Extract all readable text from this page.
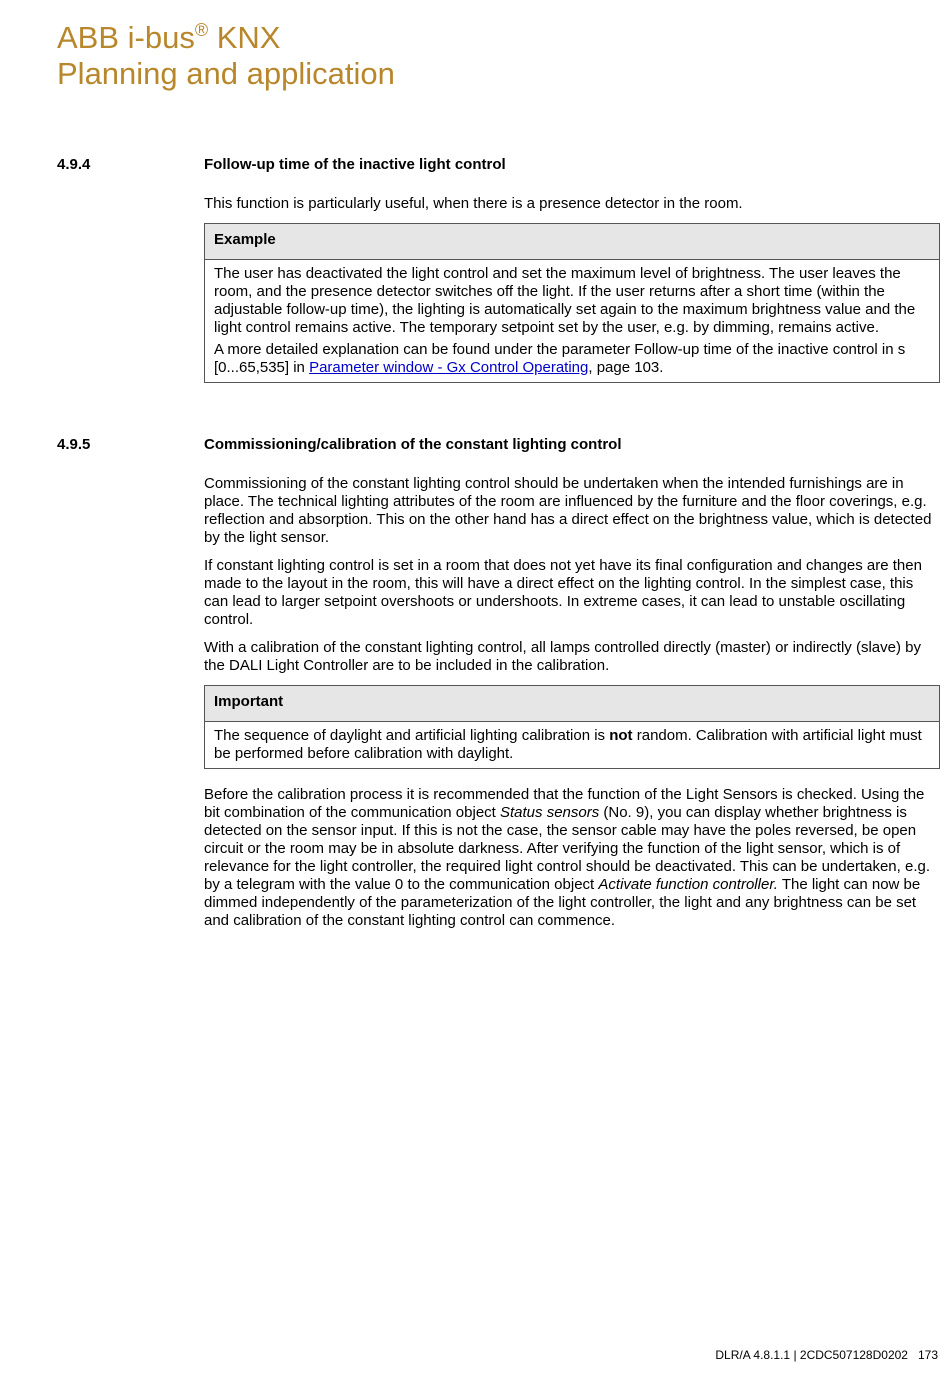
ABB i-bus® KNX
Planning and application
4.9.4	Follow-up time of the inactive light control

This function is particularly useful, when there is a presence detector in the room.

Example

The user has deactivated the light control and set the maximum level of brightness. The user leaves the room, and the presence detector switches off the light. If the user returns after a short time (within the adjustable follow-up time), the lighting is automatically set again to the maximum brightness value and the light control remains active. The temporary setpoint set by the user, e.g. by dimming, remains active.

A more detailed explanation can be found under the parameter Follow-up time of the inactive control in s [0...65,535] in Parameter window - Gx Control Operating, page 103.

4.9.5	Commissioning/calibration of the constant lighting control

Commissioning of the constant lighting control should be undertaken when the intended furnishings are in place. The technical lighting attributes of the room are influenced by the furniture and the floor coverings, e.g. reflection and absorption. This on the other hand has a direct effect on the brightness value, which is detected by the light sensor.

If constant lighting control is set in a room that does not yet have its final configuration and changes are then made to the layout in the room, this will have a direct effect on the lighting control. In the simplest case, this can lead to larger setpoint overshoots or undershoots. In extreme cases, it can lead to unstable oscillating control.

With a calibration of the constant lighting control, all lamps controlled directly (master) or indirectly (slave) by the DALI Light Controller are to be included in the calibration.

Important

The sequence of daylight and artificial lighting calibration is not random. Calibration with artificial light must be performed before calibration with daylight.

Before the calibration process it is recommended that the function of the Light Sensors is checked. Using the bit combination of the communication object Status sensors (No. 9), you can display whether brightness is detected on the sensor input. If this is not the case, the sensor cable may have the poles reversed, be open circuit or the room may be in absolute darkness. After verifying the function of the light sensor, which is of relevance for the light controller, the required light control should be deactivated. This can be undertaken, e.g. by a telegram with the value 0 to the communication object Activate function controller. The light can now be dimmed independently of the parameterization of the light controller, the light and any brightness can be set and calibration of the constant lighting control can commence.

DLR/A 4.8.1.1 | 2CDC507128D0202   173
